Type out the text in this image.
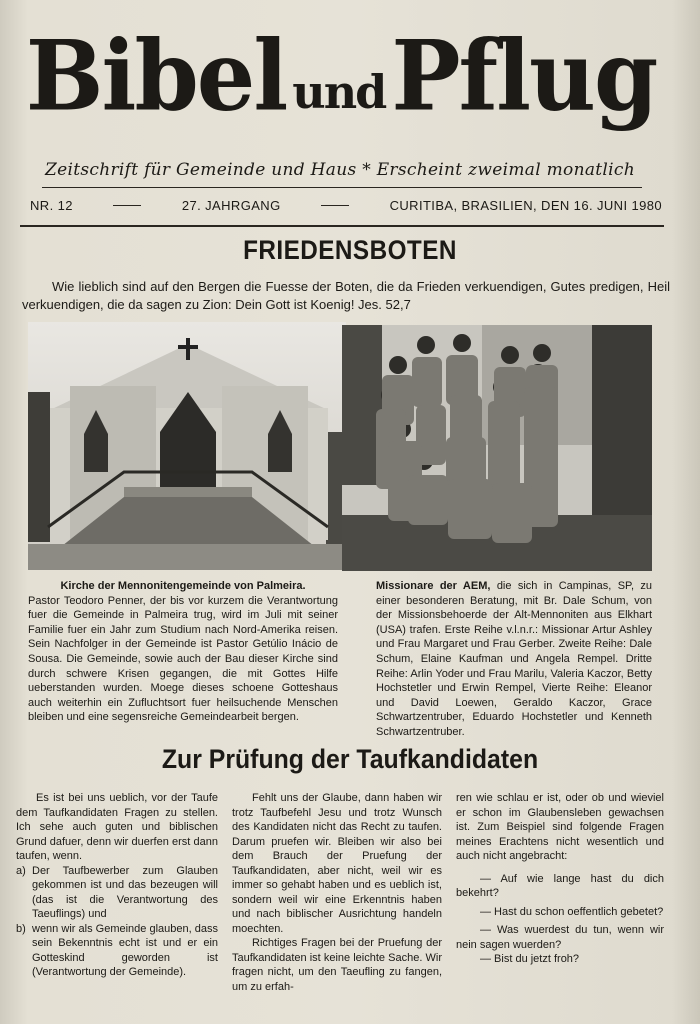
Bibel und Pflug
Zeitschrift für Gemeinde und Haus * Erscheint zweimal monatlich
NR. 12	27. JAHRGANG	CURITIBA, BRASILIEN, DEN 16. JUNI 1980
FRIEDENSBOTEN
Wie lieblich sind auf den Bergen die Fuesse der Boten, die da Frieden verkuendigen, Gutes predigen, Heil verkuendigen, die da sagen zu Zion: Dein Gott ist Koenig! Jes. 52,7
Kirche der Mennonitengemeinde von Palmeira.
Pastor Teodoro Penner, der bis vor kurzem die Verantwortung fuer die Gemeinde in Palmeira trug, wird im Juli mit seiner Familie fuer ein Jahr zum Studium nach Nord-Amerika reisen. Sein Nachfolger in der Gemeinde ist Pastor Getúlio Inácio de Sousa. Die Gemeinde, sowie auch der Bau dieser Kirche sind durch schwere Krisen gegangen, die mit Gottes Hilfe ueberstanden wurden. Moege dieses schoene Gotteshaus auch weiterhin ein Zufluchtsort fuer heilsuchende Menschen bleiben und eine segensreiche Gemeindearbeit bergen.
Missionare der AEM, die sich in Campinas, SP, zu einer besonderen Beratung, mit Br. Dale Schum, von der Missionsbehoerde der Alt-Mennoniten aus Elkhart (USA) trafen. Erste Reihe v.l.n.r.: Missionar Artur Ashley und Frau Margaret und Frau Gerber. Zweite Reihe: Dale Schum, Elaine Kaufman und Angela Rempel. Dritte Reihe: Arlin Yoder und Frau Marilu, Valeria Kaczor, Betty Hochstetler und Erwin Rempel, Vierte Reihe: Eleanor und David Loewen, Geraldo Kaczor, Grace Schwartzentruber, Eduardo Hochstetler und Kenneth Schwartzentruber.
Zur Prüfung der Taufkandidaten

Es ist bei uns ueblich, vor der Taufe dem Taufkandidaten Fragen zu stellen. Ich sehe auch guten und biblischen Grund dafuer, denn wir duerfen erst dann taufen, wenn.

a) Der Taufbewerber zum Glauben gekommen ist und das bezeugen will (das ist die Verantwortung des Taeuflings) und
b) wenn wir als Gemeinde glauben, dass sein Bekenntnis echt ist und er ein Gotteskind geworden ist (Verantwortung der Gemeinde).

Fehlt uns der Glaube, dann haben wir trotz Taufbefehl Jesu und trotz Wunsch des Kandidaten nicht das Recht zu taufen. Darum pruefen wir. Bleiben wir also bei dem Brauch der Pruefung der Taufkandidaten, aber nicht, weil wir es immer so gehabt haben und es ueblich ist, sondern weil wir eine Erkenntnis haben und nach biblischer Ausrichtung handeln moechten.

Richtiges Fragen bei der Pruefung der Taufkandidaten ist keine leichte Sache. Wir fragen nicht, um den Taeufling zu fangen, um zu erfah-

ren wie schlau er ist, oder ob und wieviel er schon im Glaubensleben gewachsen ist. Zum Beispiel sind folgende Fragen meines Erachtens nicht wesentlich und auch nicht angebracht:

— Auf wie lange hast du dich bekehrt?

— Hast du schon oeffentlich gebetet?

— Was wuerdest du tun, wenn wir nein sagen wuerden?

— Bist du jetzt froh?
